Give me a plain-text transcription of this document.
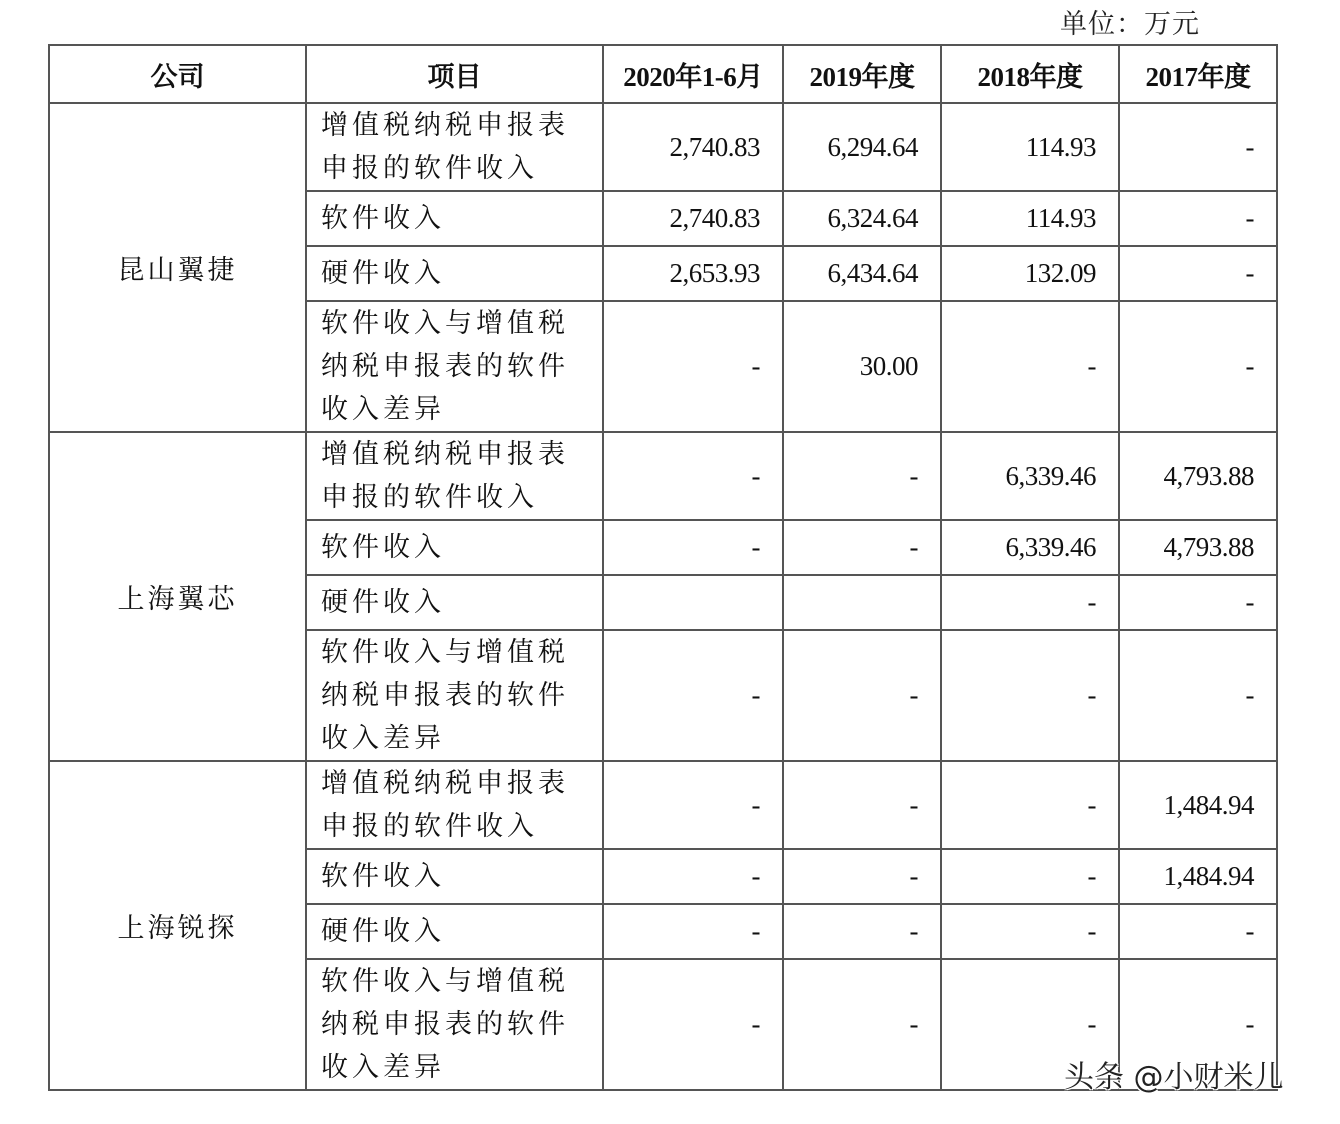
单位：万元
公司	项目	2020年1-6月	2019年度	2018年度	2017年度
昆山翼捷	增值税纳税申报表申报的软件收入	2,740.83	6,294.64	114.93	-
	软件收入	2,740.83	6,324.64	114.93	-
	硬件收入	2,653.93	6,434.64	132.09	-
	软件收入与增值税纳税申报表的软件收入差异	-	30.00	-	-
上海翼芯	增值税纳税申报表申报的软件收入	-	-	6,339.46	4,793.88
	软件收入	-	-	6,339.46	4,793.88
	硬件收入			-	-
	软件收入与增值税纳税申报表的软件收入差异	-	-	-	-
上海锐探	增值税纳税申报表申报的软件收入	-	-	-	1,484.94
	软件收入	-	-	-	1,484.94
	硬件收入	-	-	-	-
	软件收入与增值税纳税申报表的软件收入差异	-	-	-	-
头条 @小财米儿
